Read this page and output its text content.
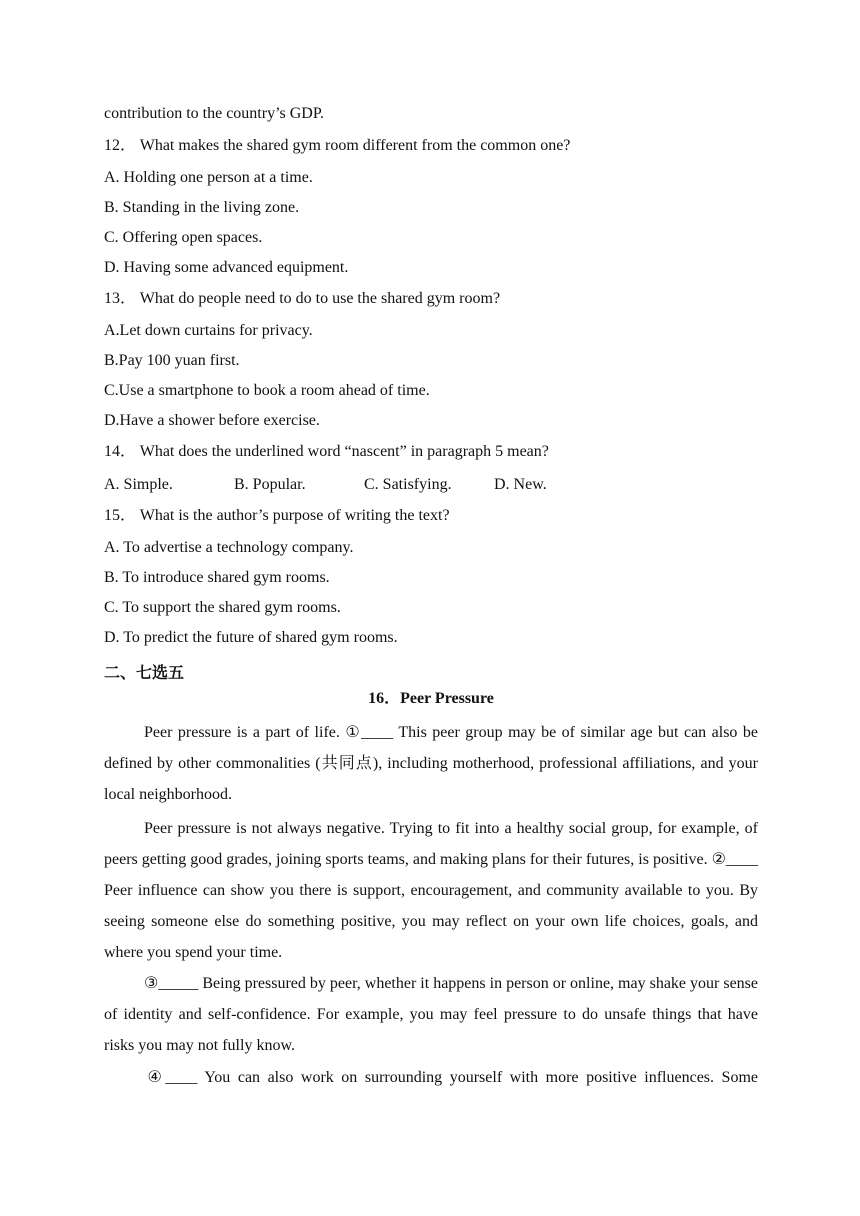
contribution to the country’s GDP.
12． What makes the shared gym room different from the common one?
A. Holding one person at a time.
B. Standing in the living zone.
C. Offering open spaces.
D. Having some advanced equipment.
13． What do people need to do to use the shared gym room?
A.Let down curtains for privacy.
B.Pay 100 yuan first.
C.Use a smartphone to book a room ahead of time.
D.Have a shower before exercise.
14． What does the underlined word “nascent” in paragraph 5 mean?
A. Simple.	B. Popular.	C. Satisfying.	D. New.
15． What is the author’s purpose of writing the text?
A. To advertise a technology company.
B. To introduce shared gym rooms.
C. To support the shared gym rooms.
D. To predict the future of shared gym rooms.
二、七选五
16．Peer Pressure
Peer pressure is a part of life. ①____ This peer group may be of similar age but can also be defined by other commonalities (共同点), including motherhood, professional affiliations, and your local neighborhood.
Peer pressure is not always negative. Trying to fit into a healthy social group, for example, of peers getting good grades, joining sports teams, and making plans for their futures, is positive. ②____ Peer influence can show you there is support, encouragement, and community available to you. By seeing someone else do something positive, you may reflect on your own life choices, goals, and where you spend your time.
③_____ Being pressured by peer, whether it happens in person or online, may shake your sense of identity and self-confidence. For example, you may feel pressure to do unsafe things that have risks you may not fully know.
④____ You can also work on surrounding yourself with more positive influences. Some
